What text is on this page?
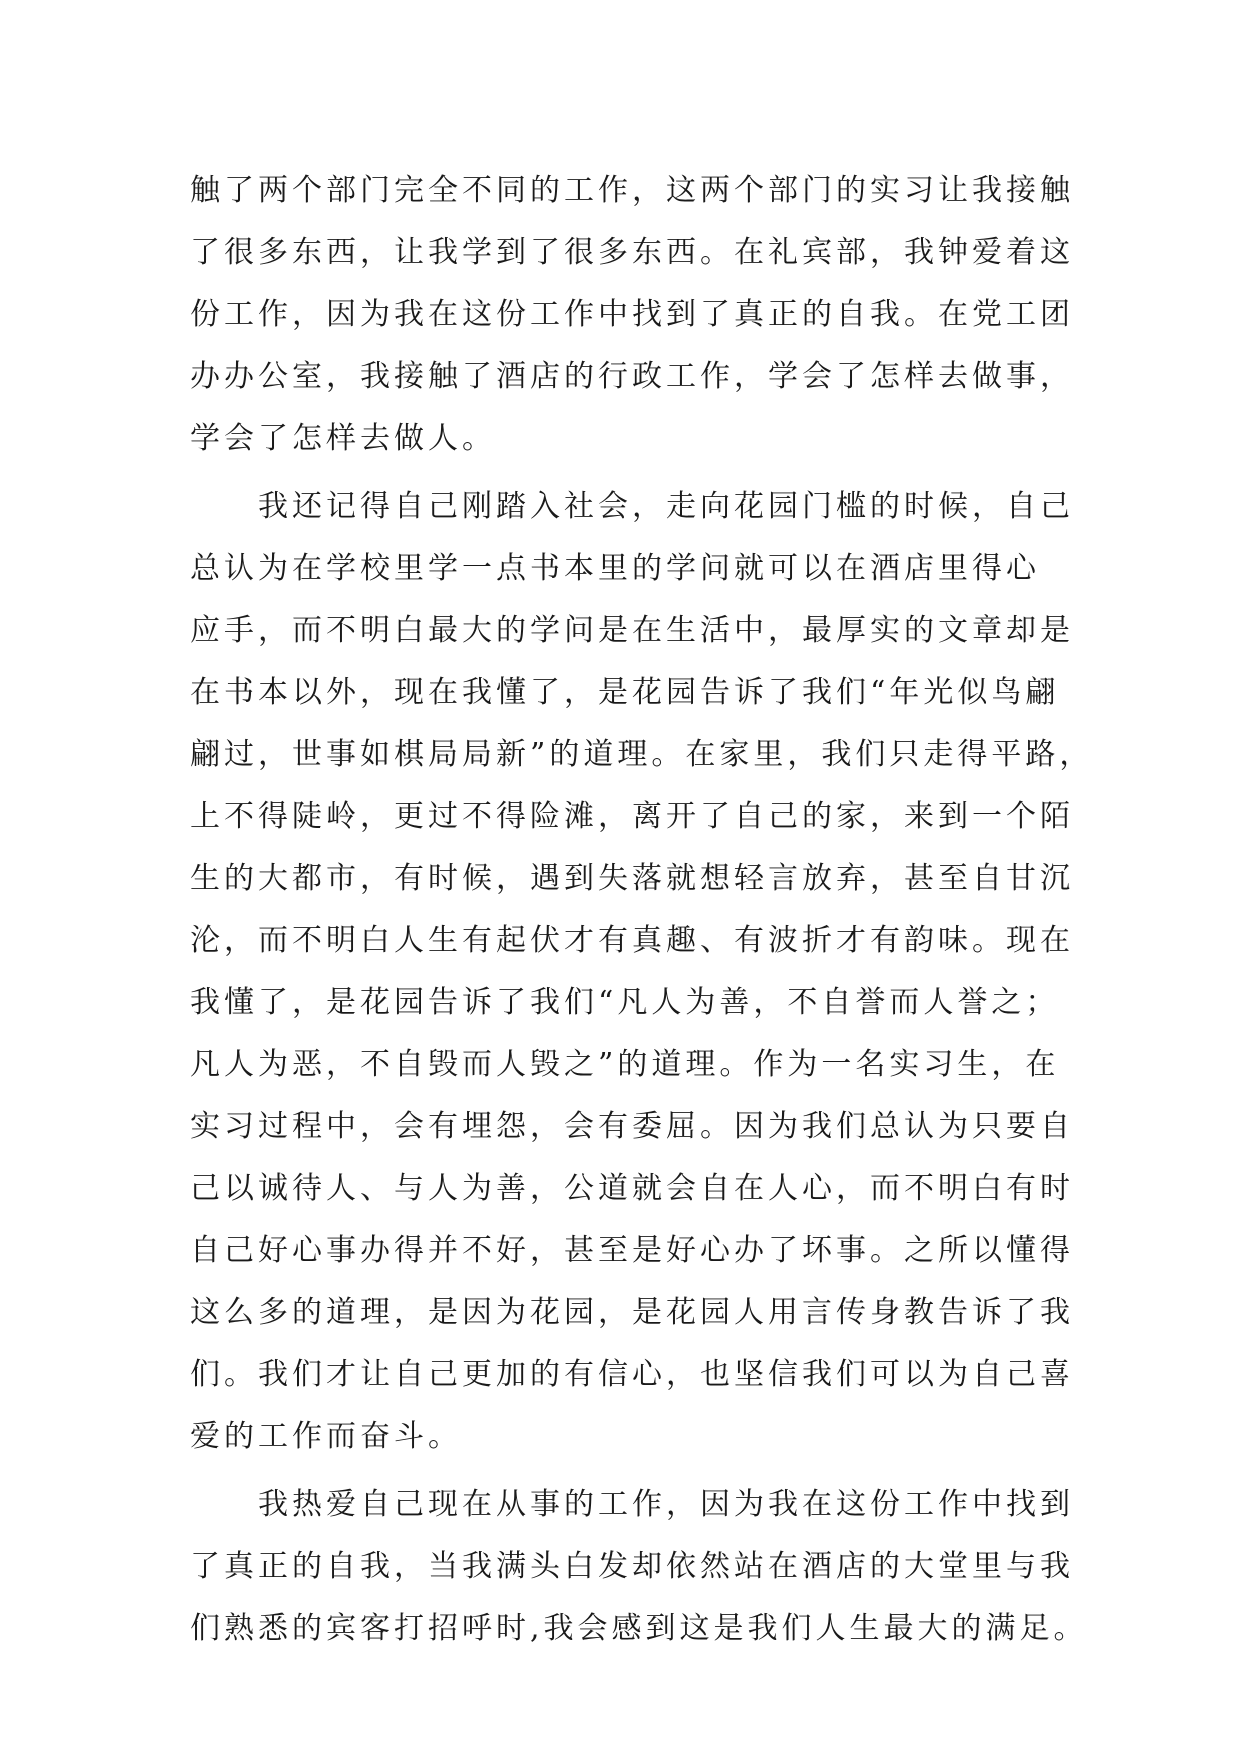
触了两个部门完全不同的工作，这两个部门的实习让我接触
了很多东西，让我学到了很多东西。在礼宾部，我钟爱着这
份工作，因为我在这份工作中找到了真正的自我。在党工团
办办公室，我接触了酒店的行政工作，学会了怎样去做事，
学会了怎样去做人。
我还记得自己刚踏入社会，走向花园门槛的时候，自己
总认为在学校里学一点书本里的学问就可以在酒店里得心
应手，而不明白最大的学问是在生活中，最厚实的文章却是
在书本以外，现在我懂了，是花园告诉了我们“年光似鸟翩
翩过，世事如棋局局新”的道理。在家里，我们只走得平路，
上不得陡岭，更过不得险滩，离开了自己的家，来到一个陌
生的大都市，有时候，遇到失落就想轻言放弃，甚至自甘沉
沦，而不明白人生有起伏才有真趣、有波折才有韵味。现在
我懂了，是花园告诉了我们“凡人为善，不自誉而人誉之；
凡人为恶，不自毁而人毁之”的道理。作为一名实习生，在
实习过程中，会有埋怨，会有委屈。因为我们总认为只要自
己以诚待人、与人为善，公道就会自在人心，而不明白有时
自己好心事办得并不好，甚至是好心办了坏事。之所以懂得
这么多的道理，是因为花园，是花园人用言传身教告诉了我
们。我们才让自己更加的有信心，也坚信我们可以为自己喜
爱的工作而奋斗。
我热爱自己现在从事的工作，因为我在这份工作中找到
了真正的自我，当我满头白发却依然站在酒店的大堂里与我
们熟悉的宾客打招呼时,我会感到这是我们人生最大的满足。
